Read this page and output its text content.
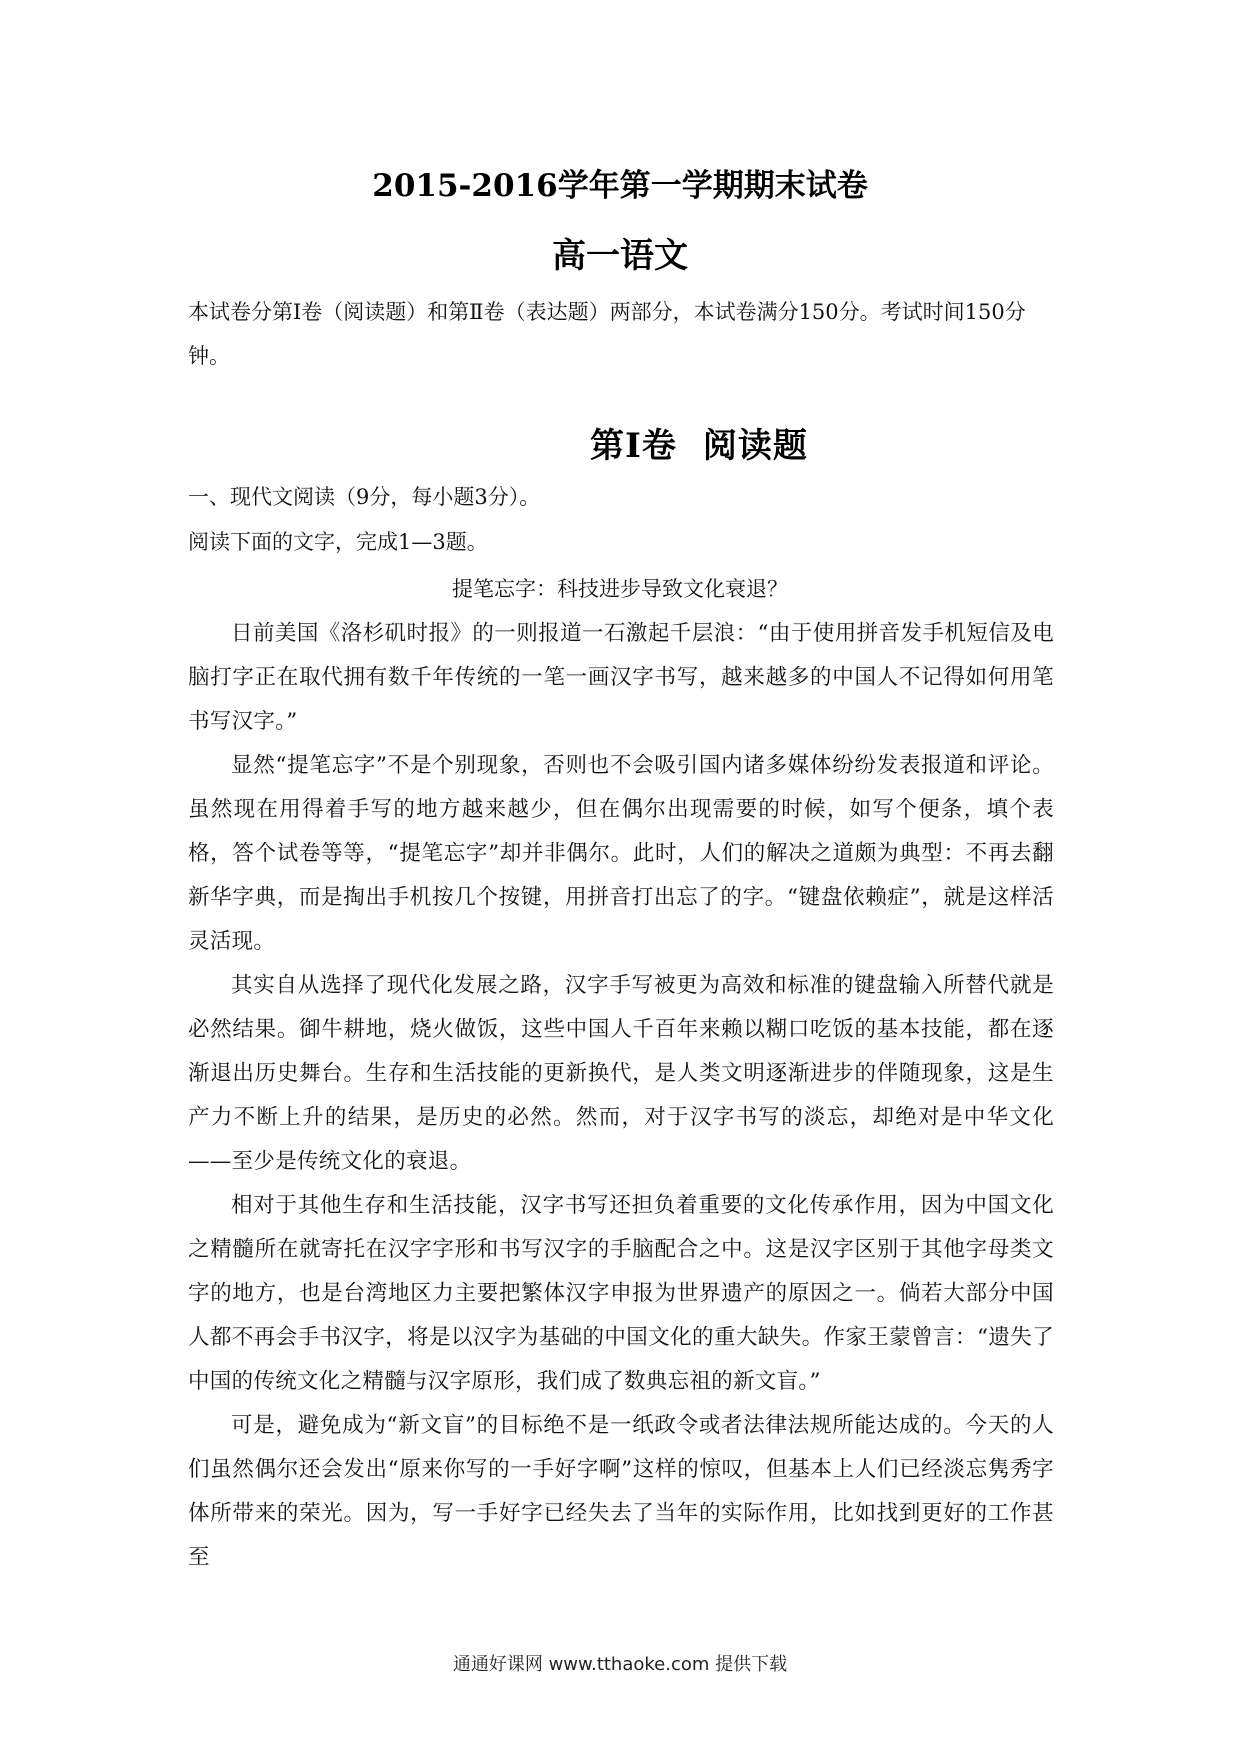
2015-2016学年第一学期期末试卷
高一语文

本试卷分第Ⅰ卷（阅读题）和第Ⅱ卷（表达题）两部分，本试卷满分150分。考试时间150分钟。

第Ⅰ卷 阅读题

一、现代文阅读（9分，每小题3分）。

阅读下面的文字，完成1—3题。

提笔忘字：科技进步导致文化衰退？

日前美国《洛杉矶时报》的一则报道一石激起千层浪：“由于使用拼音发手机短信及电脑打字正在取代拥有数千年传统的一笔一画汉字书写，越来越多的中国人不记得如何用笔书写汉字。”

显然“提笔忘字”不是个别现象，否则也不会吸引国内诸多媒体纷纷发表报道和评论。虽然现在用得着手写的地方越来越少，但在偶尔出现需要的时候，如写个便条，填个表格，答个试卷等等，“提笔忘字”却并非偶尔。此时，人们的解决之道颇为典型：不再去翻新华字典，而是掏出手机按几个按键，用拼音打出忘了的字。“键盘依赖症”，就是这样活灵活现。

其实自从选择了现代化发展之路，汉字手写被更为高效和标准的键盘输入所替代就是必然结果。御牛耕地，烧火做饭，这些中国人千百年来赖以糊口吃饭的基本技能，都在逐渐退出历史舞台。生存和生活技能的更新换代，是人类文明逐渐进步的伴随现象，这是生产力不断上升的结果，是历史的必然。然而，对于汉字书写的淡忘，却绝对是中华文化——至少是传统文化的衰退。

相对于其他生存和生活技能，汉字书写还担负着重要的文化传承作用，因为中国文化之精髓所在就寄托在汉字字形和书写汉字的手脑配合之中。这是汉字区别于其他字母类文字的地方，也是台湾地区力主要把繁体汉字申报为世界遗产的原因之一。倘若大部分中国人都不再会手书汉字，将是以汉字为基础的中国文化的重大缺失。作家王蒙曾言：“遗失了中国的传统文化之精髓与汉字原形，我们成了数典忘祖的新文盲。”

可是，避免成为“新文盲”的目标绝不是一纸政令或者法律法规所能达成的。今天的人们虽然偶尔还会发出“原来你写的一手好字啊”这样的惊叹，但基本上人们已经淡忘隽秀字体所带来的荣光。因为，写一手好字已经失去了当年的实际作用，比如找到更好的工作甚至

通通好课网 www.tthaoke.com 提供下载
